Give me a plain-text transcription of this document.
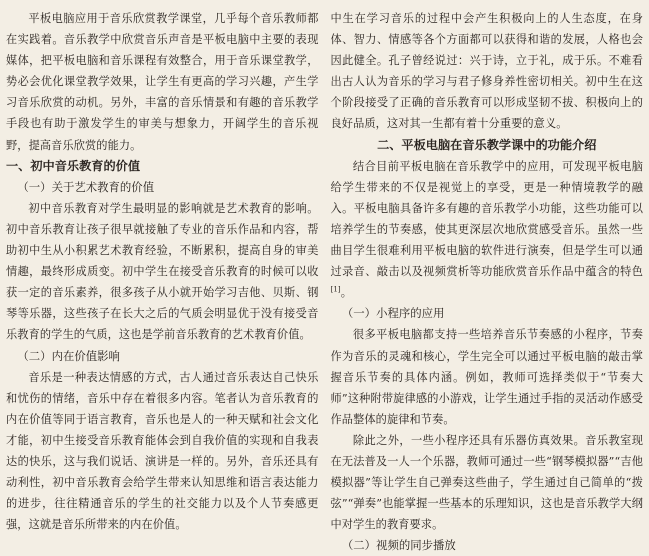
平板电脑应用于音乐欣赏教学课堂，几乎每个音乐教师都在实践着。音乐教学中欣赏音乐声音是平板电脑中主要的表现媒体，把平板电脑和音乐课程有效整合，用于音乐课堂教学，势必会优化课堂教学效果，让学生有更高的学习兴趣，产生学习音乐欣赏的动机。另外，丰富的音乐情景和有趣的音乐教学手段也有助于激发学生的审美与想象力，开阔学生的音乐视野，提高音乐欣赏的能力。

一、初中音乐教育的价值
（一）关于艺术教育的价值

初中音乐教育对学生最明显的影响就是艺术教育的影响。初中音乐教育让孩子很早就接触了专业的音乐作品和内容，帮助初中生从小积累艺术教育经验，不断累积，提高自身的审美情趣，最终形成质变。初中学生在接受音乐教育的时候可以收获一定的音乐素养，很多孩子从小就开始学习吉他、贝斯、钢琴等乐器，这些孩子在长大之后的气质会明显优于没有接受音乐教育的学生的气质，这也是学前音乐教育的艺术教育价值。

（二）内在价值影响

音乐是一种表达情感的方式，古人通过音乐表达自己快乐和忧伤的情绪，音乐中存在着很多内容。笔者认为音乐教育的内在价值等同于语言教育，音乐也是人的一种天赋和社会文化才能，初中生接受音乐教育能体会到自我价值的实现和自我表达的快乐，这与我们说话、演讲是一样的。另外，音乐还具有动利性，初中音乐教育会给学生带来认知思维和语言表达能力的进步，往往精通音乐的学生的社交能力以及个人节奏感更强，这就是音乐所带来的内在价值。

中生在学习音乐的过程中会产生积极向上的人生态度，在身体、智力、情感等各个方面都可以获得和谐的发展，人格也会因此健全。孔子曾经说过：兴于诗，立于礼，成于乐。不难看出古人认为音乐的学习与君子修身养性密切相关。初中生在这个阶段接受了正确的音乐教育可以形成坚韧不拔、积极向上的良好品质，这对其一生都有着十分重要的意义。

二、平板电脑在音乐教学课中的功能介绍

结合目前平板电脑在音乐教学中的应用，可发现平板电脑给学生带来的不仅是视觉上的享受，更是一种情境教学的融入。平板电脑具备许多有趣的音乐教学小功能，这些功能可以培养学生的节奏感，使其更深层次地欣赏感受音乐。虽然一些曲目学生很难利用平板电脑的软件进行演奏，但是学生可以通过录音、敲击以及视频赏析等功能欣赏音乐作品中蕴含的特色[1]。

（一）小程序的应用

很多平板电脑都支持一些培养音乐节奏感的小程序，节奏作为音乐的灵魂和核心，学生完全可以通过平板电脑的敲击掌握音乐节奏的具体内涵。例如，教师可选择类似于“节奏大师”这种附带旋律感的小游戏，让学生通过手指的灵活动作感受作品整体的旋律和节奏。

除此之外，一些小程序还具有乐器仿真效果。音乐教室现在无法普及一人一个乐器，教师可通过一些“钢琴模拟器”“吉他模拟器”等让学生自己弹奏这些曲子，学生通过自己简单的“拨弦”“弹奏”也能掌握一些基本的乐理知识，这也是音乐教学大纲中对学生的教育要求。

（二）视频的同步播放
